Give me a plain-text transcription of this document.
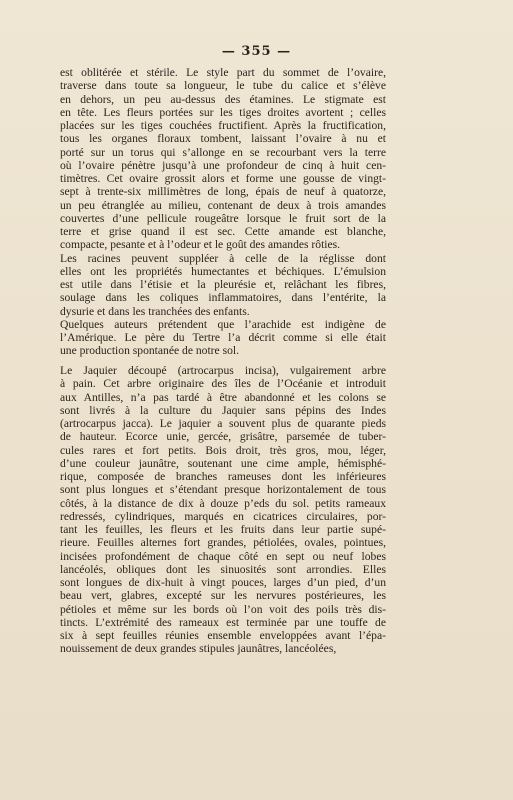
— 355 —

est oblitérée et stérile. Le style part du sommet de l’ovaire,

traverse dans toute sa longueur, le tube du calice et s’élève

en dehors, un peu au-dessus des étamines. Le stigmate est

en tête. Les fleurs portées sur les tiges droites avortent ; celles

placées sur les tiges couchées fructifient. Après la fructification,

tous les organes floraux tombent, laissant l’ovaire à nu et

porté sur un torus qui s’allonge en se recourbant vers la terre

où l’ovaire pénètre jusqu’à une profondeur de cinq à huit cen-

timètres. Cet ovaire grossit alors et forme une gousse de vingt-

sept à trente-six millimètres de long, épais de neuf à quatorze,

un peu étranglée au milieu, contenant de deux à trois amandes

couvertes d’une pellicule rougeâtre lorsque le fruit sort de la

terre et grise quand il est sec. Cette amande est blanche,

compacte, pesante et à l’odeur et le goût des amandes rôties.

Les racines peuvent suppléer à celle de la réglisse dont

elles ont les propriétés humectantes et béchiques. L’émulsion

est utile dans l’étisie et la pleurésie et, relâchant les fibres,

soulage dans les coliques inflammatoires, dans l’entérite, la

dysurie et dans les tranchées des enfants.

Quelques auteurs prétendent que l’arachide est indigène de

l’Amérique. Le père du Tertre l’a décrit comme si elle était

une production spontanée de notre sol.

Le Jaquier découpé (artrocarpus incisa), vulgairement arbre

à pain. Cet arbre originaire des îles de l’Océanie et introduit

aux Antilles, n’a pas tardé à être abandonné et les colons se

sont livrés à la culture du Jaquier sans pépins des Indes

(artrocarpus jacca). Le jaquier a souvent plus de quarante pieds

de hauteur. Ecorce unie, gercée, grisâtre, parsemée de tuber-

cules rares et fort petits. Bois droit, très gros, mou, léger,

d’une couleur jaunâtre, soutenant une cime ample, hémisphé-

rique, composée de branches rameuses dont les inférieures

sont plus longues et s’étendant presque horizontalement de tous

côtés, à la distance de dix à douze p’eds du sol. petits rameaux

redressés, cylindriques, marqués en cicatrices circulaires, por-

tant les feuilles, les fleurs et les fruits dans leur partie supé-

rieure. Feuilles alternes fort grandes, pétiolées, ovales, pointues,

incisées profondément de chaque côté en sept ou neuf lobes

lancéolés, obliques dont les sinuosités sont arrondies. Elles

sont longues de dix-huit à vingt pouces, larges d’un pied, d’un

beau vert, glabres, excepté sur les nervures postérieures, les

pétioles et même sur les bords où l’on voit des poils très dis-

tincts. L’extrémité des rameaux est terminée par une touffe de

six à sept feuilles réunies ensemble enveloppées avant l’épa-

nouissement de deux grandes stipules jaunâtres, lancéolées,
